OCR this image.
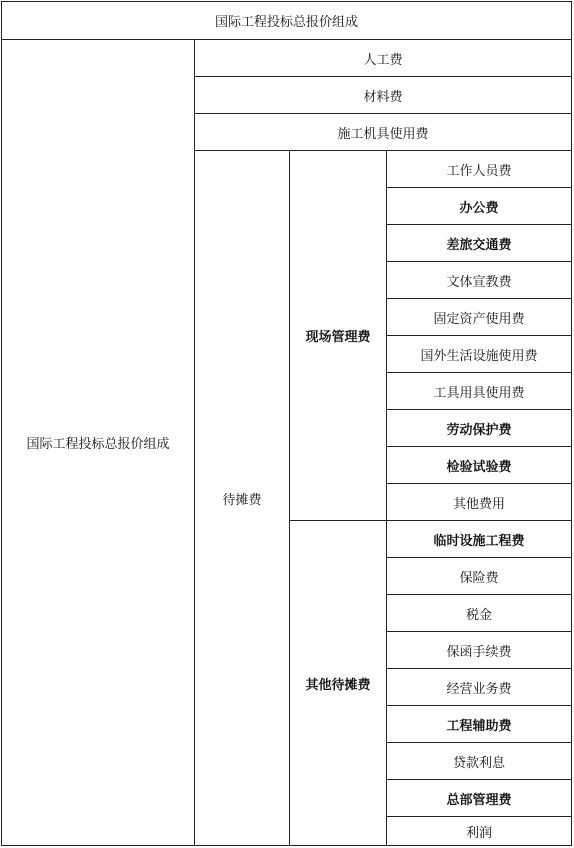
国际工程投标总报价组成
国际工程投标总报价组成
人工费
材料费
施工机具使用费
待摊费
工作人员费
办公费
差旅交通费
文体宣教费
固定资产使用费
国外生活设施使用费
工具用具使用费
劳动保护费
检验试验费
其他费用
现场管理费
临时设施工程费
保险费
税金
保函手续费
经营业务费
工程辅助费
贷款利息
总部管理费
利润
其他待摊费
